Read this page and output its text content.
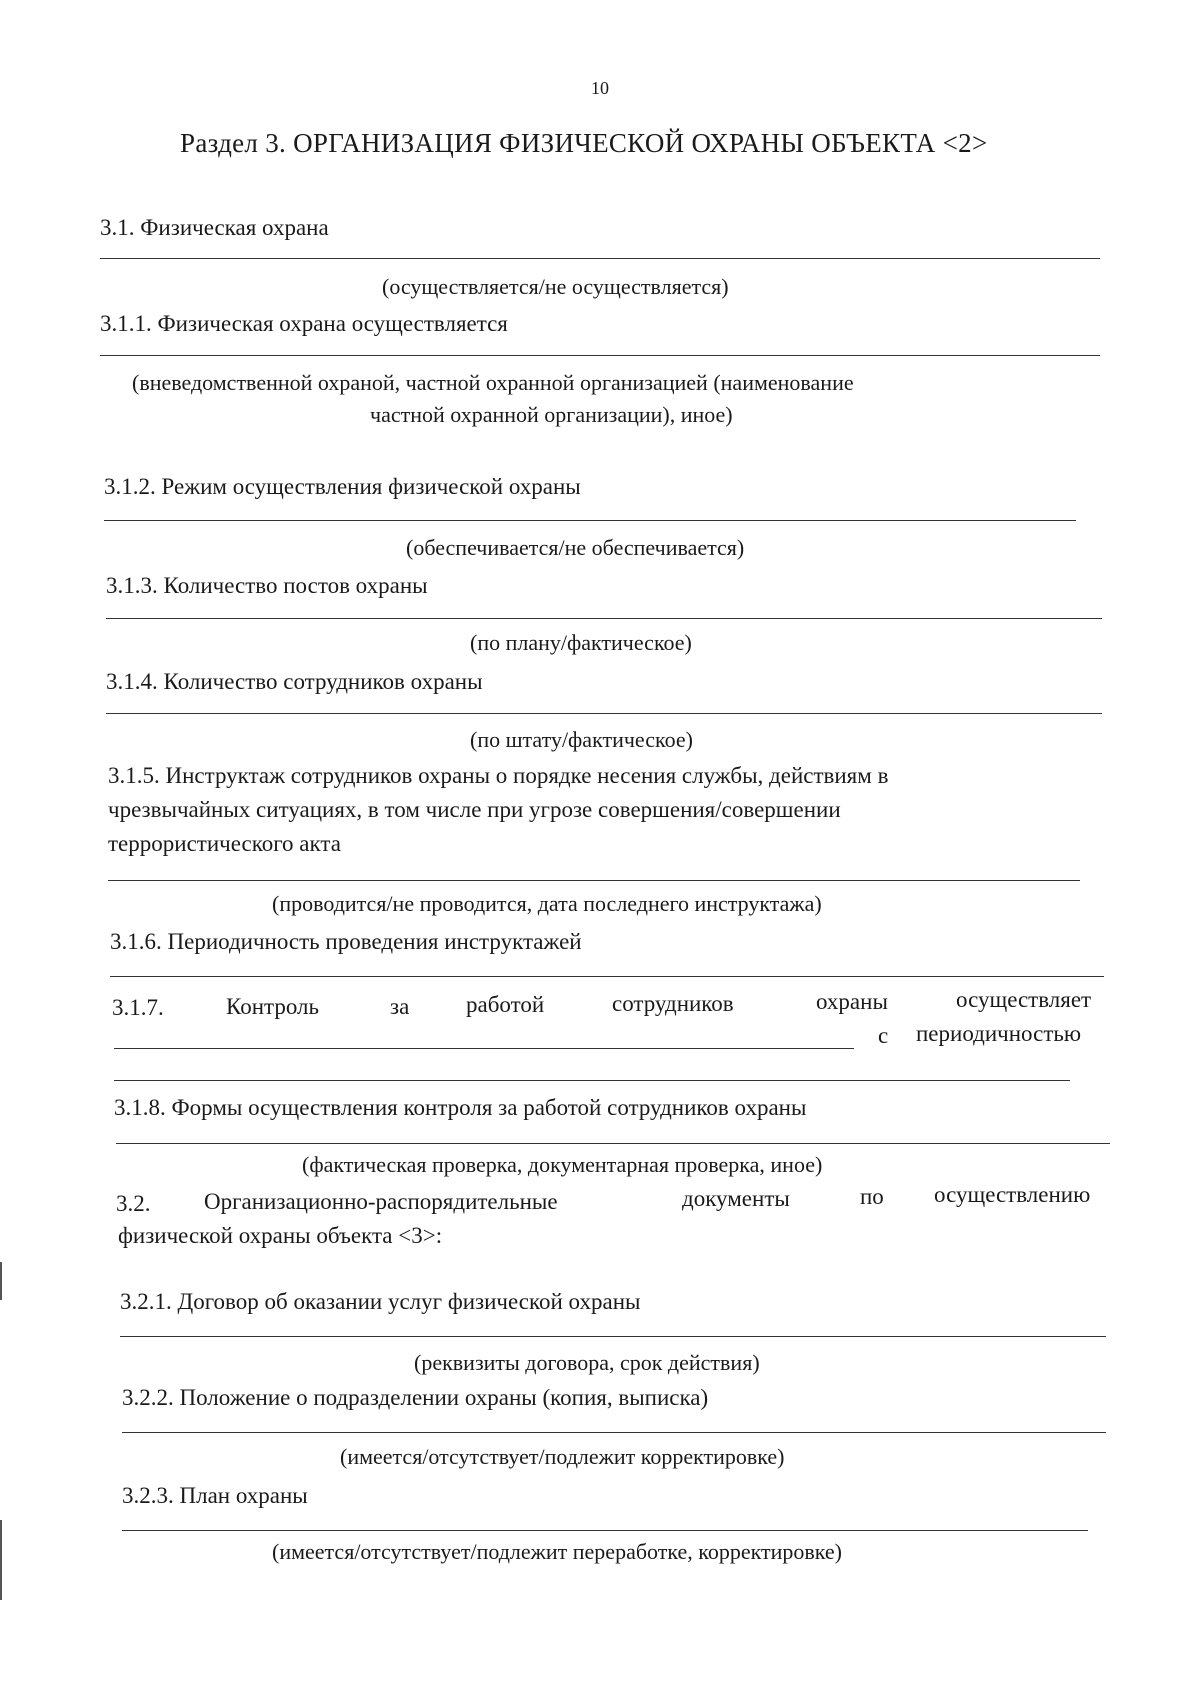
10
Раздел 3. ОРГАНИЗАЦИЯ ФИЗИЧЕСКОЙ ОХРАНЫ ОБЪЕКТА <2>
3.1. Физическая охрана
(осуществляется/не осуществляется)
3.1.1. Физическая охрана осуществляется
(вневедомственной охраной, частной охранной организацией (наименование
частной охранной организации), иное)
3.1.2. Режим осуществления физической охраны
(обеспечивается/не обеспечивается)
3.1.3. Количество постов охраны
(по плану/фактическое)
3.1.4. Количество сотрудников охраны
(по штату/фактическое)
3.1.5. Инструктаж сотрудников охраны о порядке несения службы, действиям в
чрезвычайных ситуациях, в том числе при угрозе совершения/совершении
террористического акта
(проводится/не проводится, дата последнего инструктажа)
3.1.6. Периодичность проведения инструктажей
3.1.7.	Контроль	за работой	сотрудников	охраны	осуществляет
с периодичностью
3.1.8. Формы осуществления контроля за работой сотрудников охраны
(фактическая проверка, документарная проверка, иное)
3.2. Организационно-распорядительные	документы	по осуществлению
физической охраны объекта <3>:
3.2.1. Договор об оказании услуг физической охраны
(реквизиты договора, срок действия)
3.2.2. Положение о подразделении охраны (копия, выписка)
(имеется/отсутствует/подлежит корректировке)
3.2.3. План охраны
(имеется/отсутствует/подлежит переработке, корректировке)
